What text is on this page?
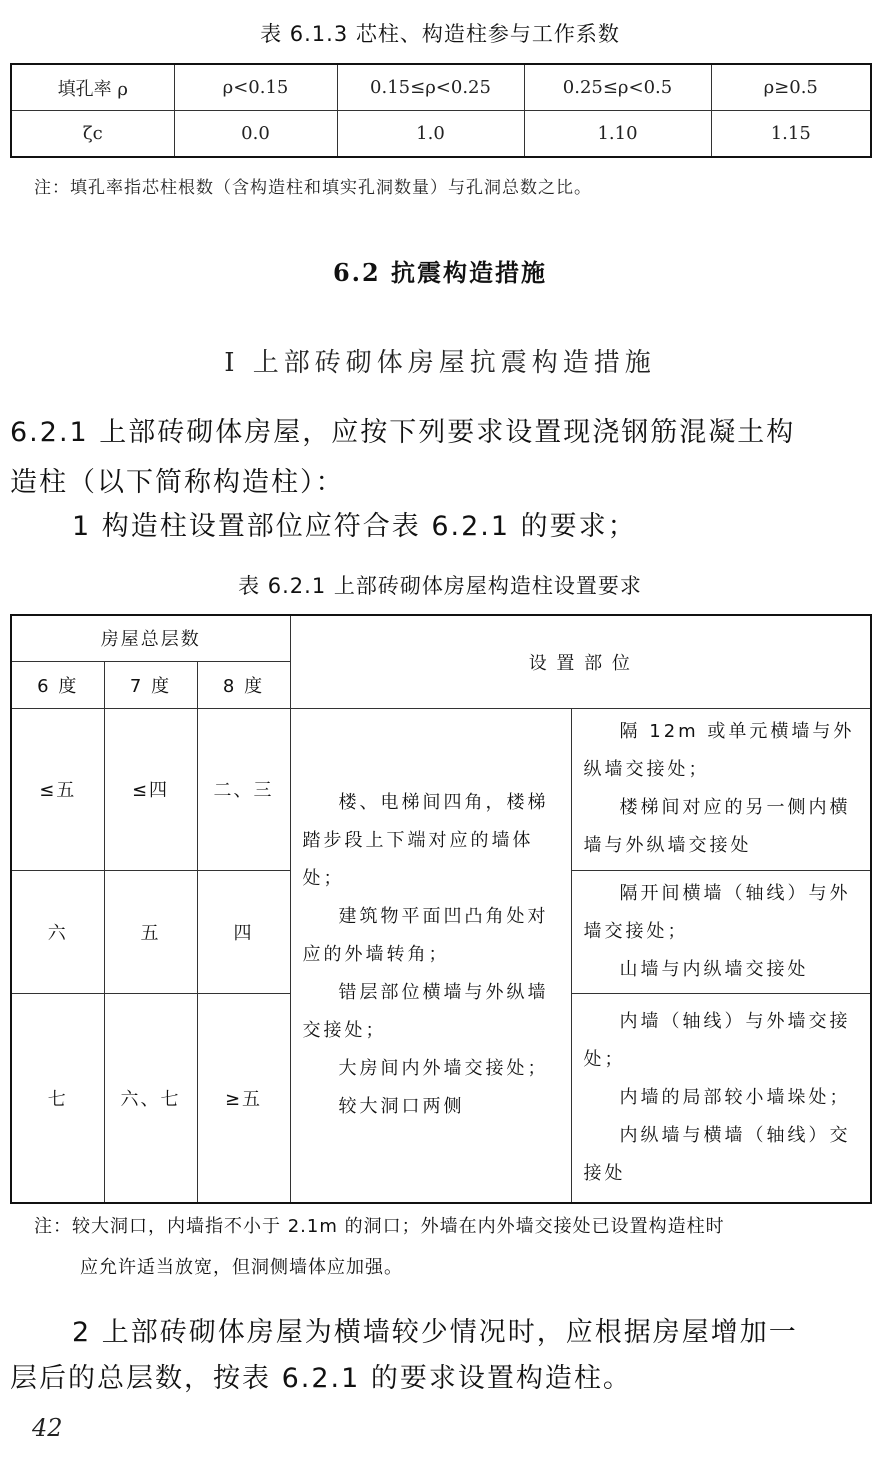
表 6.1.3 芯柱、构造柱参与工作系数
填孔率 ρ	ρ<0.15	0.15≤ρ<0.25	0.25≤ρ<0.5	ρ≥0.5
ζc	0.0	1.0	1.10	1.15
注：填孔率指芯柱根数（含构造柱和填实孔洞数量）与孔洞总数之比。
6.2 抗震构造措施
Ⅰ 上部砖砌体房屋抗震构造措施
6.2.1 上部砖砌体房屋，应按下列要求设置现浇钢筋混凝土构
造柱（以下简称构造柱）：
1 构造柱设置部位应符合表 6.2.1 的要求；
表 6.2.1 上部砖砌体房屋构造柱设置要求
房屋总层数			设 置 部 位	
6 度	7 度	8 度		
≤五	≤四	二、三	楼、电梯间四角，楼梯踏步段上下端对应的墙体处；
建筑物平面凹凸角处对应的外墙转角；
错层部位横墙与外纵墙交接处；
大房间内外墙交接处；
较大洞口两侧	隔 12m 或单元横墙与外纵墙交接处；
楼梯间对应的另一侧内横墙与外纵墙交接处

六	五	四		隔开间横墙（轴线）与外墙交接处；
山墙与内纵墙交接处

七	六、七	≥五		内墙（轴线）与外墙交接处；
内墙的局部较小墙垛处；
内纵墙与横墙（轴线）交接处
注：较大洞口，内墙指不小于 2.1m 的洞口；外墙在内外墙交接处已设置构造柱时
应允许适当放宽，但洞侧墙体应加强。
2 上部砖砌体房屋为横墙较少情况时，应根据房屋增加一
层后的总层数，按表 6.2.1 的要求设置构造柱。
42
